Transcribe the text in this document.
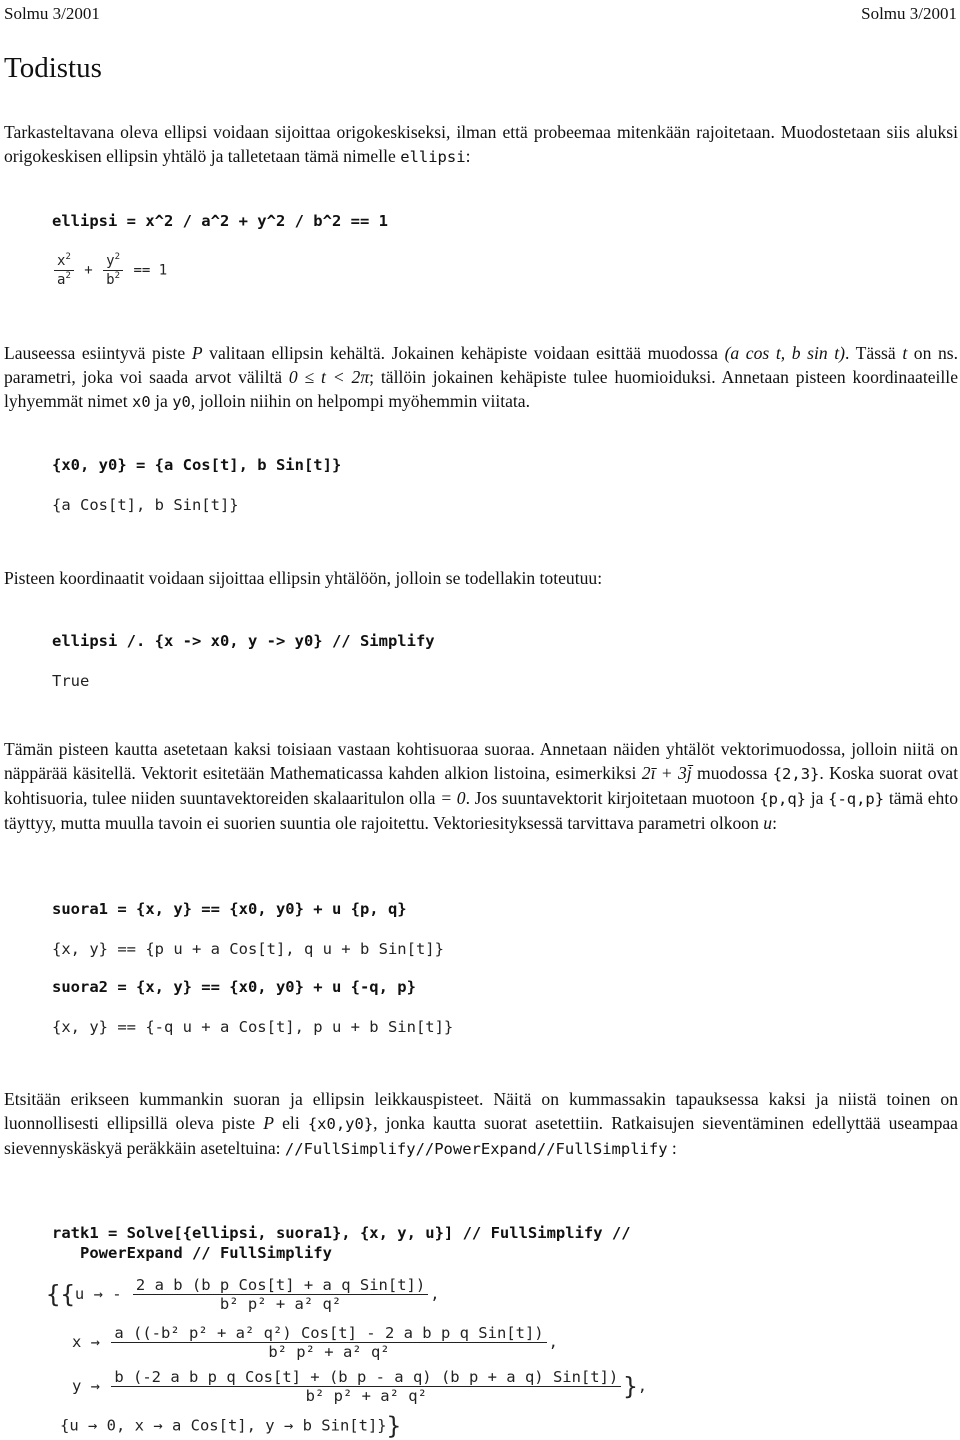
Solmu 3/2001	Solmu 3/2001
Todistus

Tarkasteltavana oleva ellipsi voidaan sijoittaa origokeskiseksi, ilman että probeemaa mitenkään rajoitetaan. Muodostetaan siis aluksi origokeskisen ellipsin yhtälö ja talletetaan tämä nimelle ellipsi:

ellipsi = x^2 / a^2 + y^2 / b^2 == 1
$\frac{x^2}{a^2} + \frac{y^2}{b^2} == 1$

Lauseessa esiintyvä piste P valitaan ellipsin kehältä. Jokainen kehäpiste voidaan esittää muodossa (a cos t, b sin t). Tässä t on ns. parametri, joka voi saada arvot väliltä 0 ≤ t < 2π; tällöin jokainen kehäpiste tulee huomioiduksi. Annetaan pisteen koordinaateille lyhyemmät nimet x0 ja y0, jolloin niihin on helpompi myöhemmin viitata.

{x0, y0} = {a Cos[t], b Sin[t]}
{a Cos[t], b Sin[t]}

Pisteen koordinaatit voidaan sijoittaa ellipsin yhtälöön, jolloin se todellakin toteutuu:

ellipsi /. {x -> x0, y -> y0} // Simplify
True

Tämän pisteen kautta asetetaan kaksi toisiaan vastaan kohtisuoraa suoraa. Annetaan näiden yhtälöt vektorimuodossa, jolloin niitä on näppärää käsitellä. Vektorit esitetään Mathematicassa kahden alkion listoina, esimerkiksi 2ī + 3j̄ muodossa {2,3}. Koska suorat ovat kohtisuoria, tulee niiden suuntavektoreiden skalaaritulon olla = 0. Jos suuntavektorit kirjoitetaan muotoon {p,q} ja {-q,p} tämä ehto täyttyy, mutta muulla tavoin ei suorien suuntia ole rajoitettu. Vektoriesityksessä tarvittava parametri olkoon u:

suora1 = {x, y} == {x0, y0} + u {p, q}
{x, y} == {p u + a Cos[t], q u + b Sin[t]}
suora2 = {x, y} == {x0, y0} + u {-q, p}
{x, y} == {-q u + a Cos[t], p u + b Sin[t]}

Etsitään erikseen kummankin suoran ja ellipsin leikkauspisteet. Näitä on kummassakin tapauksessa kaksi ja niistä toinen on luonnollisesti ellipsillä oleva piste P eli {x0,y0}, jonka kautta suorat asetettiin. Ratkaisujen sieventäminen edellyttää useampaa sievennyskäskyä peräkkäin aseteltuina: //FullSimplify//PowerExpand//FullSimplify :

ratk1 = Solve[{ellipsi, suora1}, {x, y, u}] // FullSimplify //
PowerExpand // FullSimplify
{{u → - $\frac{\text{2 a b (b p Cos[t] + a q Sin[t])}}{\text{b² p² + a² q²}}$ ,
$x \to \frac{\text{a ((-b² p² + a² q²) Cos[t] - 2 a b p q Sin[t])}}{\text{b² p² + a² q²}}$ ,
$y \to \frac{\text{b (-2 a b p q Cos[t] + (b p - a q) (b p + a q) Sin[t])}}{\text{b² p² + a² q²}}$ },
{u → 0, x → a Cos[t], y → b Sin[t]}}
